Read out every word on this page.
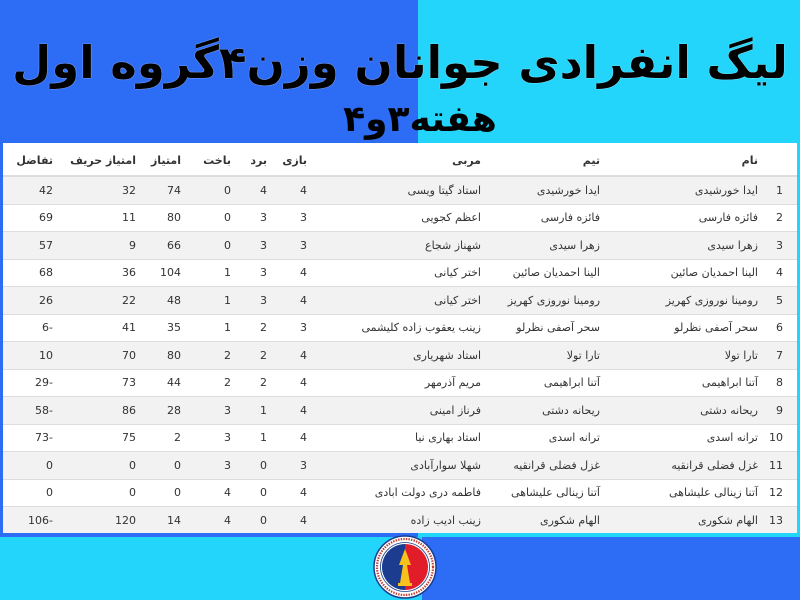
لیگ انفرادی جوانان وزن۴گروه اول
هفته۳و۴
	نام	تیم	مربی	بازی	برد	باخت	امتیاز	امتیاز حریف	تفاضل
1	ایدا خورشیدی	ایدا خورشیدی	استاد گیتا ویسی	4	4	0	74	32	42
2	فائزه فارسی	فائزه فارسی	اعظم کجویی	3	3	0	80	11	69
3	زهرا سیدی	زهرا سیدی	شهناز شجاع	3	3	0	66	9	57
4	الینا احمدیان صائین	الینا احمدیان صائین	اختر کیانی	4	3	1	104	36	68
5	رومینا نوروزی کهریز	رومینا نوروزی کهریز	اختر کیانی	4	3	1	48	22	26
6	سحر آصفی نظرلو	سحر آصفی نظرلو	زینب یعقوب زاده کلیشمی	3	2	1	35	41	-6
7	تارا تولا	تارا تولا	استاد شهریاری	4	2	2	80	70	10
8	آتنا ابراهیمی	آتنا ابراهیمی	مریم آذرمهر	4	2	2	44	73	-29
9	ریحانه دشتی	ریحانه دشتی	فرناز امینی	4	1	3	28	86	-58
10	ترانه اسدی	ترانه اسدی	استاد بهاری نیا	4	1	3	2	75	-73
11	غزل فضلی قرانقیه	غزل فضلی قرانقیه	شهلا سوارآبادی	3	0	3	0	0	0
12	آتنا زینالی علیشاهی	آتنا زینالی علیشاهی	فاطمه دری دولت ابادی	4	0	4	0	0	0
13	الهام شکوری	الهام شکوری	زینب ادیب زاده	4	0	4	14	120	-106
